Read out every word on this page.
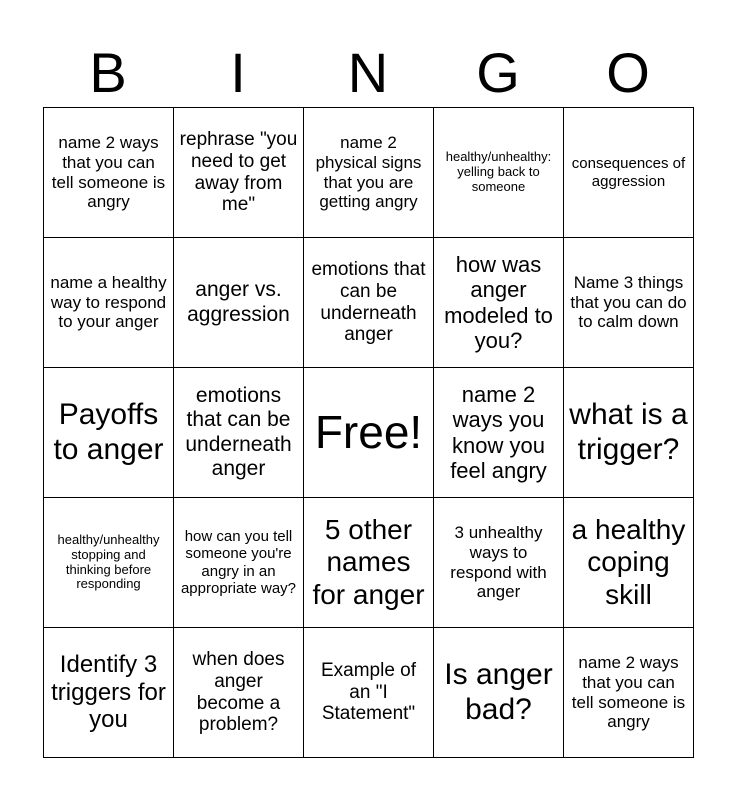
B	I	N	G	O
name 2 ways that you can tell someone is angry	rephrase "you need to get away from me"	name 2 physical signs that you are getting angry	healthy/unhealthy: yelling back to someone	consequences of aggression
name a healthy way to respond to your anger	anger vs. aggression	emotions that can be underneath anger	how was anger modeled to you?	Name 3 things that you can do to calm down
Payoffs to anger	emotions that can be underneath anger	Free!	name 2 ways you know you feel angry	what is a trigger?
healthy/unhealthy stopping and thinking before responding	how can you tell someone you're angry in an appropriate way?	5 other names for anger	3 unhealthy ways to respond with anger	a healthy coping skill
Identify 3 triggers for you	when does anger become a problem?	Example of an "I Statement"	Is anger bad?	name 2 ways that you can tell someone is angry
